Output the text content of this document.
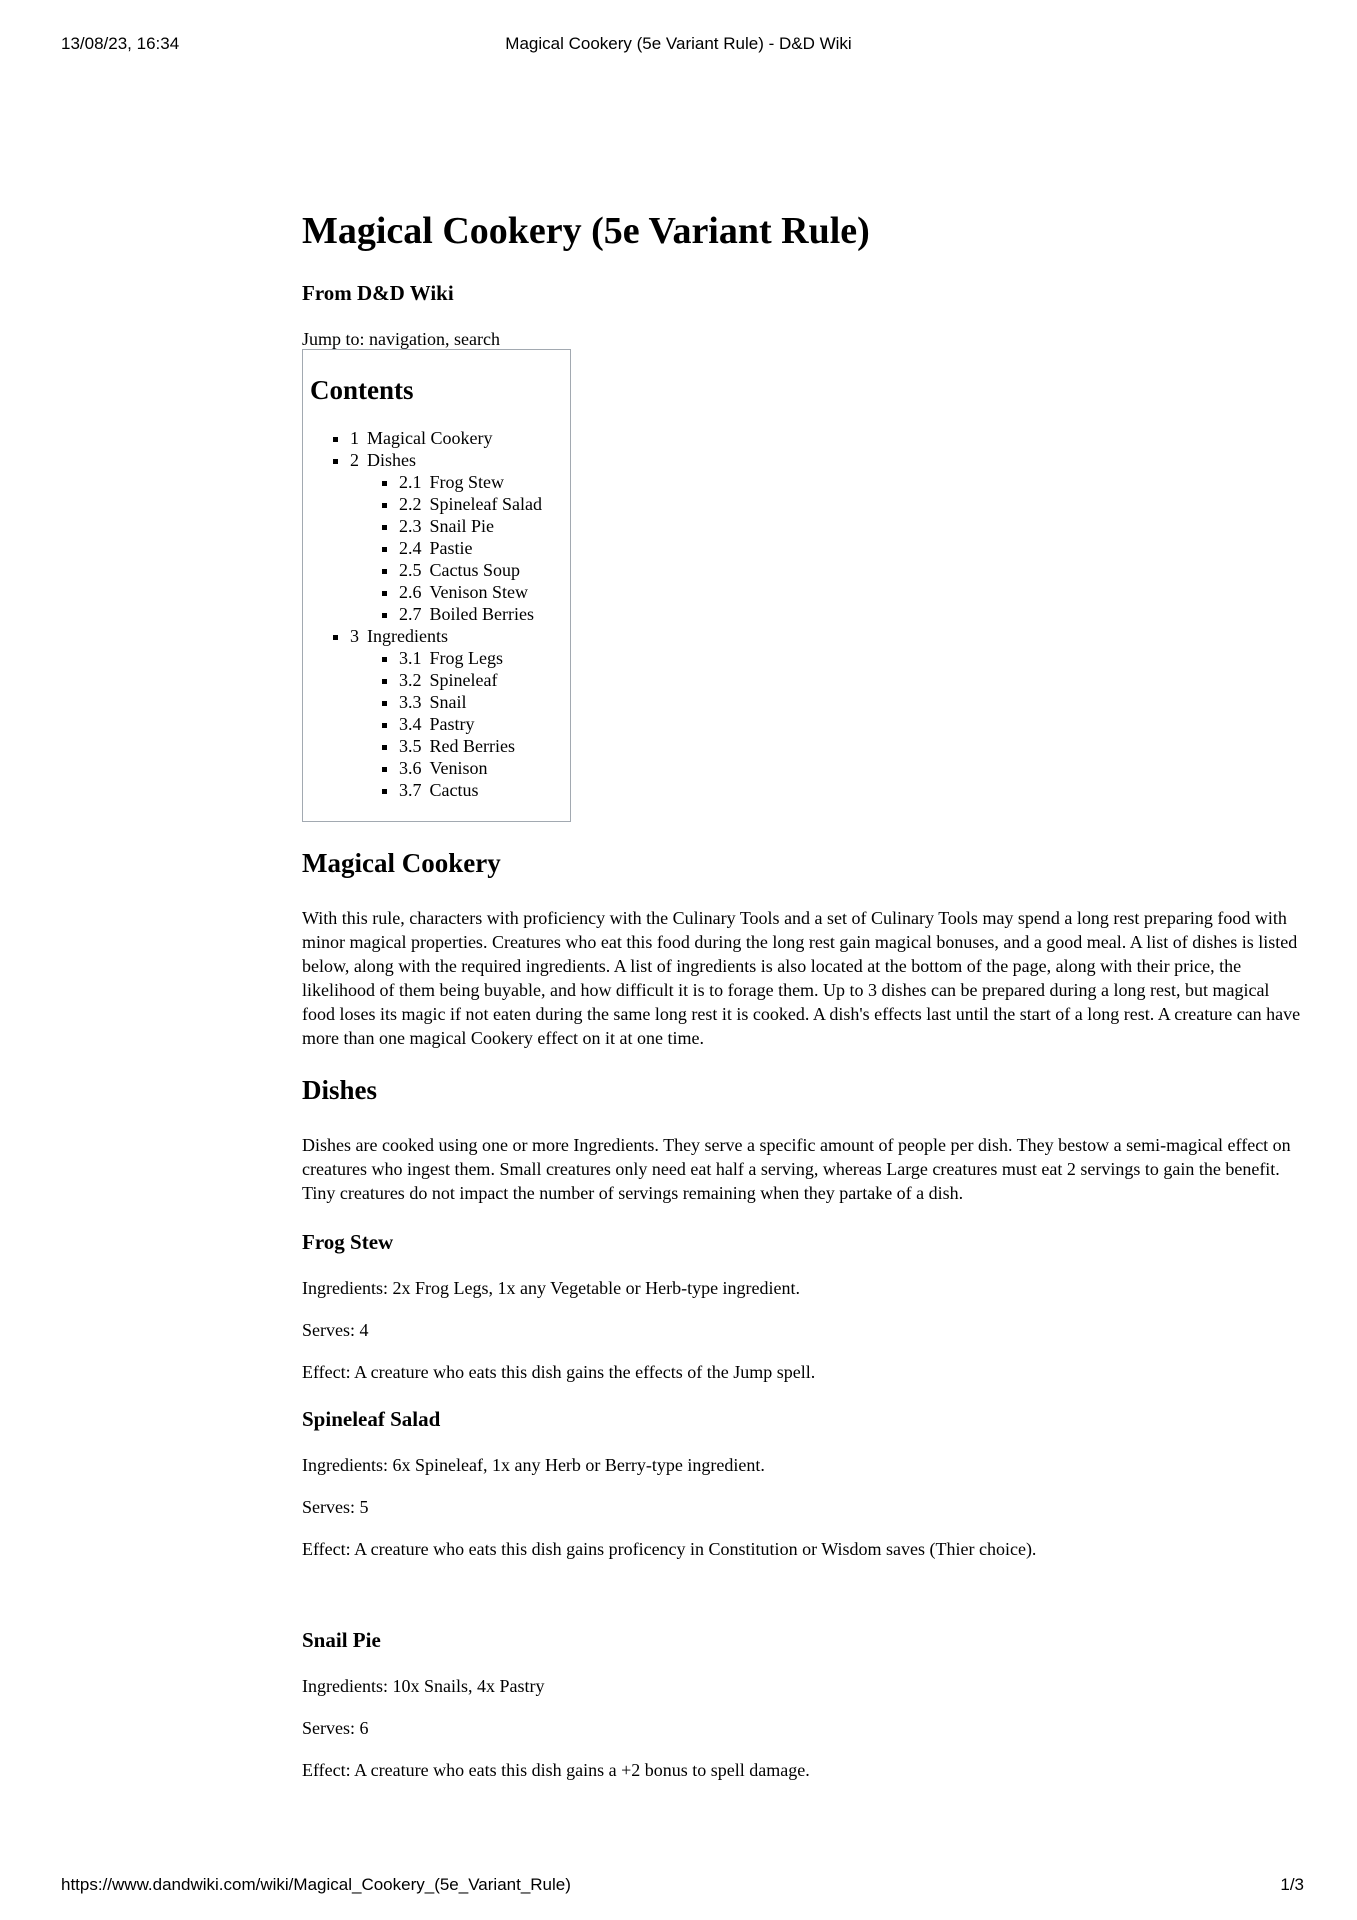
13/08/23, 16:34	Magical Cookery (5e Variant Rule) - D&D Wiki
Magical Cookery (5e Variant Rule)
From D&D Wiki
Jump to: navigation, search
Contents
▪ 1 Magical Cookery
▪ 2 Dishes
▪ 2.1 Frog Stew
▪ 2.2 Spineleaf Salad
▪ 2.3 Snail Pie
▪ 2.4 Pastie
▪ 2.5 Cactus Soup
▪ 2.6 Venison Stew
▪ 2.7 Boiled Berries
▪ 3 Ingredients
▪ 3.1 Frog Legs
▪ 3.2 Spineleaf
▪ 3.3 Snail
▪ 3.4 Pastry
▪ 3.5 Red Berries
▪ 3.6 Venison
▪ 3.7 Cactus
Magical Cookery

With this rule, characters with proficiency with the Culinary Tools and a set of Culinary Tools may spend a long rest preparing food with minor magical properties. Creatures who eat this food during the long rest gain magical bonuses, and a good meal. A list of dishes is listed below, along with the required ingredients. A list of ingredients is also located at the bottom of the page, along with their price, the likelihood of them being buyable, and how difficult it is to forage them. Up to 3 dishes can be prepared during a long rest, but magical food loses its magic if not eaten during the same long rest it is cooked. A dish's effects last until the start of a long rest. A creature can have more than one magical Cookery effect on it at one time.

Dishes

Dishes are cooked using one or more Ingredients. They serve a specific amount of people per dish. They bestow a semi-magical effect on creatures who ingest them. Small creatures only need eat half a serving, whereas Large creatures must eat 2 servings to gain the benefit. Tiny creatures do not impact the number of servings remaining when they partake of a dish.

Frog Stew

Ingredients: 2x Frog Legs, 1x any Vegetable or Herb-type ingredient.

Serves: 4

Effect: A creature who eats this dish gains the effects of the Jump spell.

Spineleaf Salad

Ingredients: 6x Spineleaf, 1x any Herb or Berry-type ingredient.

Serves: 5

Effect: A creature who eats this dish gains proficency in Constitution or Wisdom saves (Thier choice).

Snail Pie

Ingredients: 10x Snails, 4x Pastry

Serves: 6

Effect: A creature who eats this dish gains a +2 bonus to spell damage.

https://www.dandwiki.com/wiki/Magical_Cookery_(5e_Variant_Rule)	1/3
